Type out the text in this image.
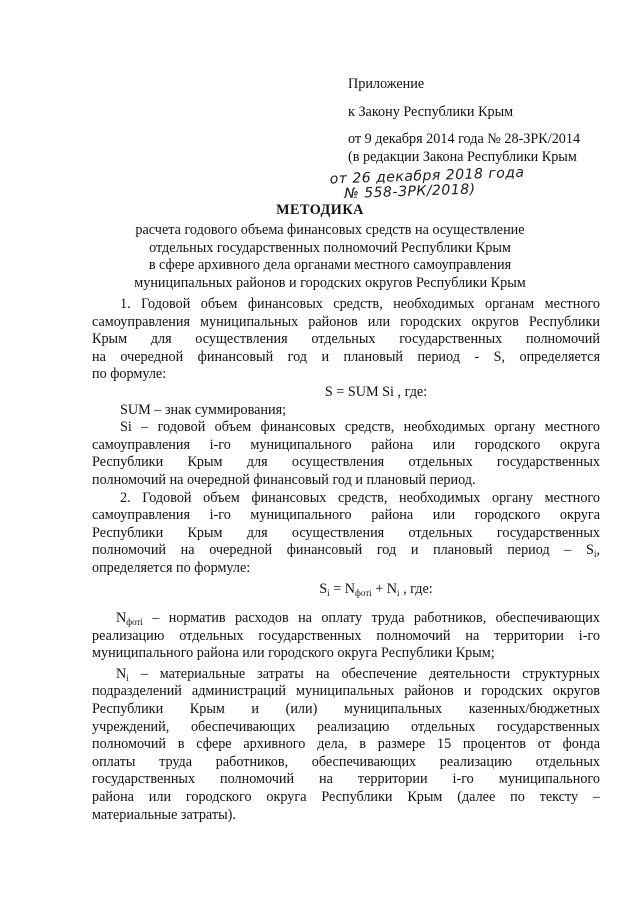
Приложение
к Закону Республики Крым
от 9 декабря 2014 года № 28-ЗРК/2014
(в редакции Закона Республики Крым
от 26 декабря 2018 года
№ 558-ЗРК/2018)
МЕТОДИКА
расчета годового объема финансовых средств на осуществление
отдельных государственных полномочий Республики Крым
в сфере архивного дела органами местного самоуправления
муниципальных районов и городских округов Республики Крым
1. Годовой объем финансовых средств, необходимых органам местного
самоуправления муниципальных районов или городских округов Республики
Крым для осуществления отдельных государственных полномочий
на очередной финансовый год и плановый период - S, определяется
по формуле:
S = SUM Si , где:
SUM – знак суммирования;
Si – годовой объем финансовых средств, необходимых органу местного
самоуправления i-го муниципального района или городского округа
Республики Крым для осуществления отдельных государственных
полномочий на очередной финансовый год и плановый период.
2. Годовой объем финансовых средств, необходимых органу местного
самоуправления i-го муниципального района или городского округа
Республики Крым для осуществления отдельных государственных
полномочий на очередной финансовый год и плановый период – $S_i$,
определяется по формуле:
$S_i = N_{фотi} + N_i$ , где:
$N_{фотi}$ – норматив расходов на оплату труда работников, обеспечивающих
реализацию отдельных государственных полномочий на территории i-го
муниципального района или городского округа Республики Крым;
$N_i$ – материальные затраты на обеспечение деятельности структурных
подразделений администраций муниципальных районов и городских округов
Республики Крым и (или) муниципальных казенных/бюджетных
учреждений, обеспечивающих реализацию отдельных государственных
полномочий в сфере архивного дела, в размере 15 процентов от фонда
оплаты труда работников, обеспечивающих реализацию отдельных
государственных полномочий на территории i-го муниципального
района или городского округа Республики Крым (далее по тексту –
материальные затраты).
